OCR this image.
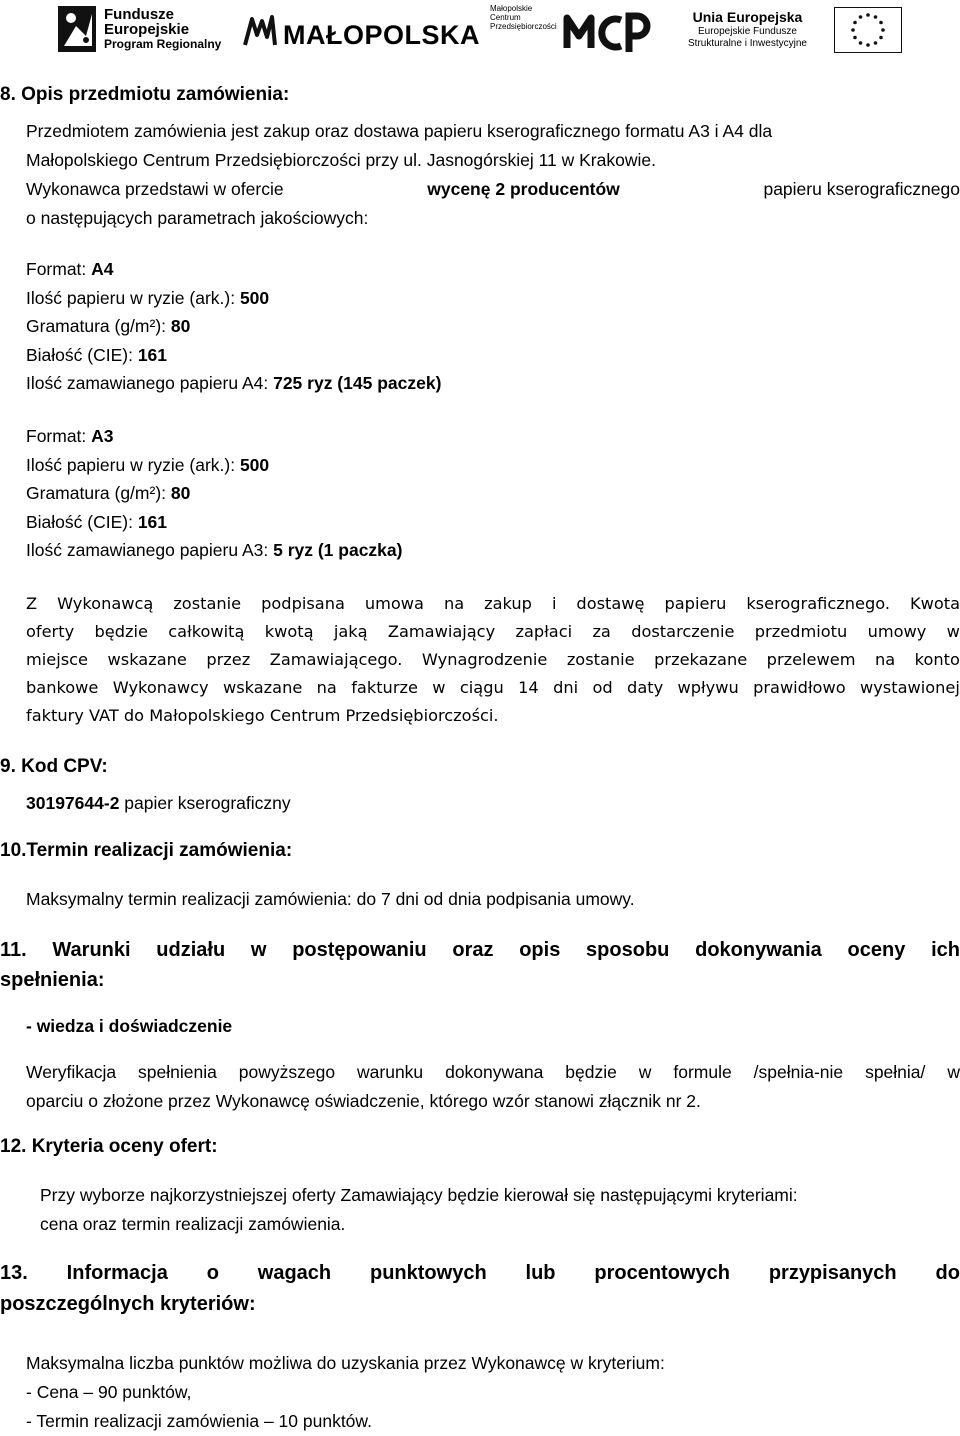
Fundusze
Europejskie
Program Regionalny MAŁOPOLSKA
Małopolskie
Centrum
Przedsiębiorczości
Unia Europejska
Europejskie Fundusze
Strukturalne i Inwestycyjne
8. Opis przedmiotu zamówienia:

Przedmiotem zamówienia jest zakup oraz dostawa papieru kserograficznego formatu A3 i A4 dla
Małopolskiego Centrum Przedsiębiorczości przy ul. Jasnogórskiej 11 w Krakowie.
Wykonawca przedstawi w ofercie	wycenę 2 producentów	papieru kserograficznego
o następujących parametrach jakościowych:

Format: A4
Ilość papieru w ryzie (ark.): 500
Gramatura (g/m²): 80
Białość (CIE): 161
Ilość zamawianego papieru A4: 725 ryz (145 paczek)

Format: A3
Ilość papieru w ryzie (ark.): 500
Gramatura (g/m²): 80
Białość (CIE): 161
Ilość zamawianego papieru A3: 5 ryz (1 paczka)

Z Wykonawcą zostanie podpisana umowa na zakup i dostawę papieru kserograficznego. Kwota
oferty będzie całkowitą kwotą jaką Zamawiający zapłaci za dostarczenie przedmiotu umowy w
miejsce wskazane przez Zamawiającego. Wynagrodzenie zostanie przekazane przelewem na konto
bankowe Wykonawcy wskazane na fakturze w ciągu 14 dni od daty wpływu prawidłowo wystawionej
faktury VAT do Małopolskiego Centrum Przedsiębiorczości.

9. Kod CPV:

30197644-2 papier kserograficzny

10.Termin realizacji zamówienia:

Maksymalny termin realizacji zamówienia: do 7 dni od dnia podpisania umowy.

11. Warunki udziału w postępowaniu oraz opis sposobu dokonywania oceny ich
spełnienia:

- wiedza i doświadczenie

Weryfikacja spełnienia powyższego warunku dokonywana będzie w formule /spełnia-nie spełnia/ w
oparciu o złożone przez Wykonawcę oświadczenie, którego wzór stanowi złącznik nr 2.

12. Kryteria oceny ofert:

Przy wyborze najkorzystniejszej oferty Zamawiający będzie kierował się następującymi kryteriami:
cena oraz termin realizacji zamówienia.

13. Informacja o wagach punktowych lub procentowych przypisanych do
poszczególnych kryteriów:

Maksymalna liczba punktów możliwa do uzyskania przez Wykonawcę w kryterium:
- Cena – 90 punktów,
- Termin realizacji zamówienia – 10 punktów.
